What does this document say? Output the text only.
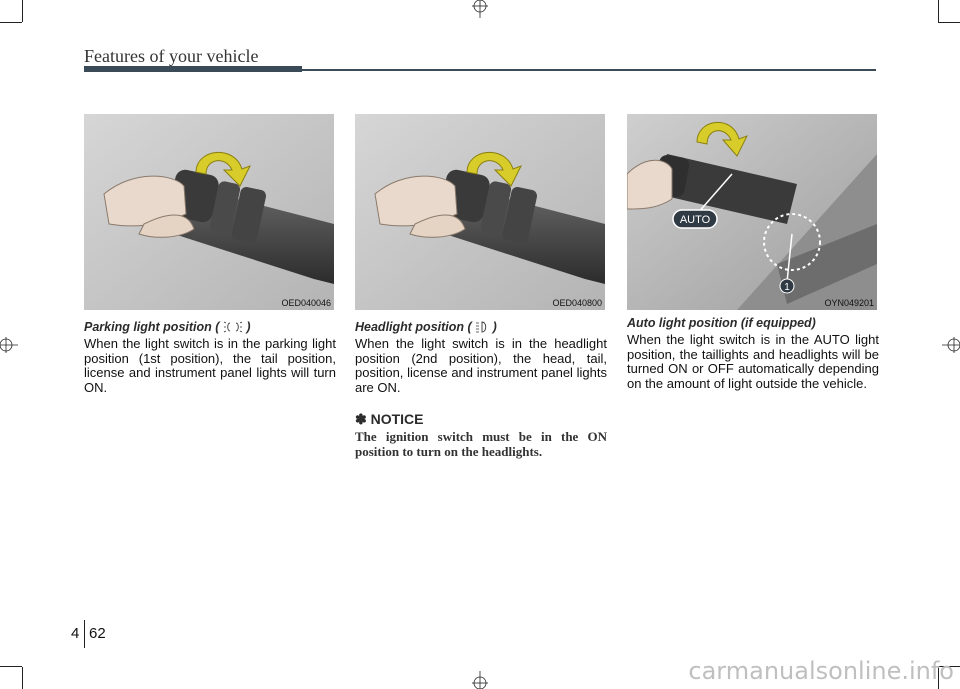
Features of your vehicle
OED040046	OED040800
AUTO
1
OYN049201
Parking light position ( )

When the light switch is in the parking light position (1st position), the tail position, license and instrument panel lights will turn ON.

Headlight position ( )

When the light switch is in the headlight position (2nd position), the head, tail, position, license and instrument panel lights are ON.

✽ NOTICE

The ignition switch must be in the ON position to turn on the headlights.

Auto light position (if equipped)

When the light switch is in the AUTO light position, the taillights and headlights will be turned ON or OFF automatically depending on the amount of light outside the vehicle.

4 62
carmanualsonline.info
